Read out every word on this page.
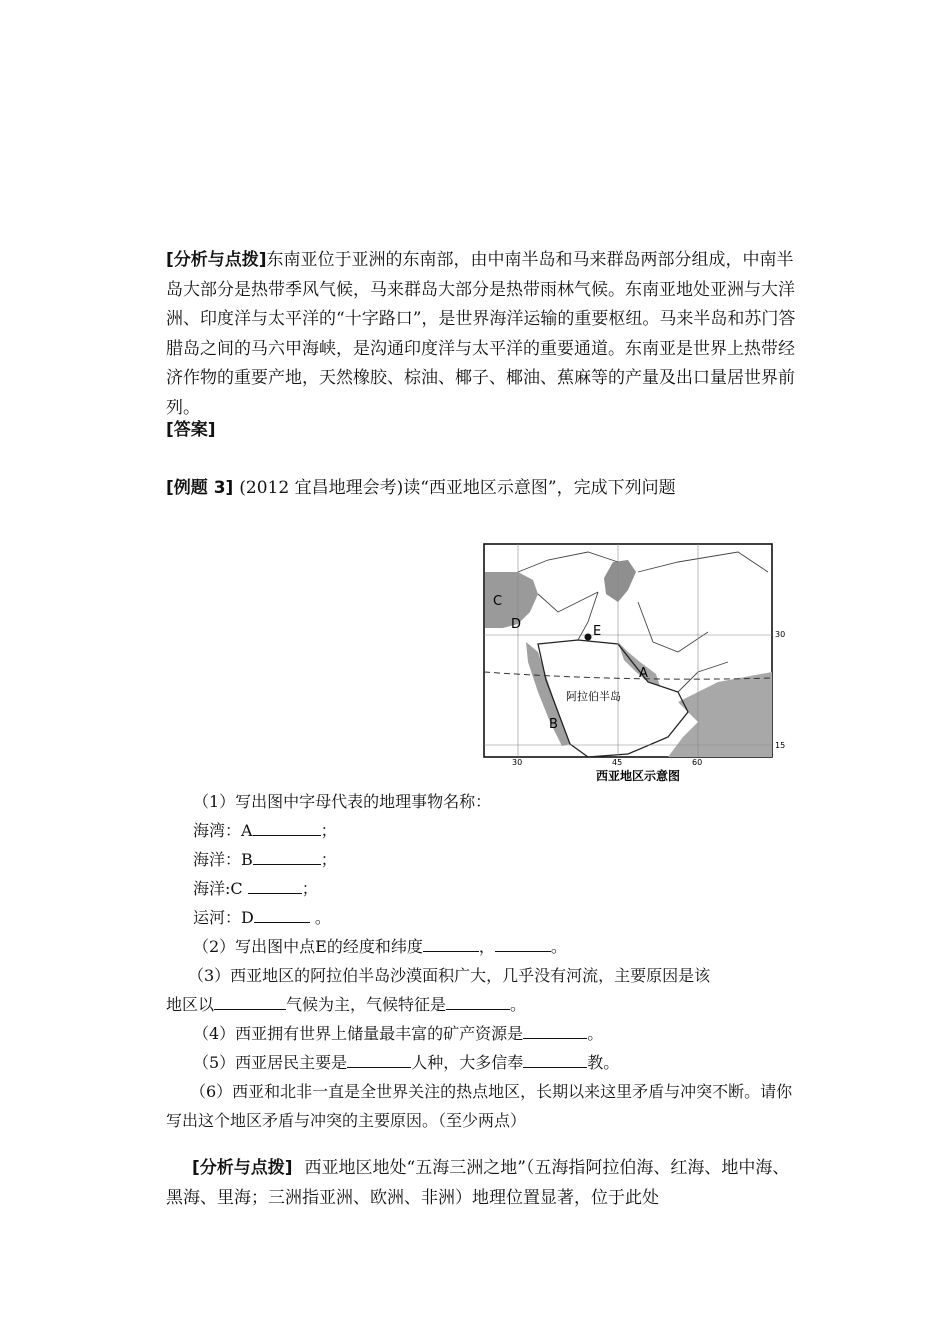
[分析与点拨]东南亚位于亚洲的东南部，由中南半岛和马来群岛两部分组成，中南半岛大部分是热带季风气候，马来群岛大部分是热带雨林气候。东南亚地处亚洲与大洋洲、印度洋与太平洋的“十字路口”，是世界海洋运输的重要枢纽。马来半岛和苏门答腊岛之间的马六甲海峡，是沟通印度洋与太平洋的重要通道。东南亚是世界上热带经济作物的重要产地，天然橡胶、棕油、椰子、椰油、蕉麻等的产量及出口量居世界前列。

[答案]
[例题 3] (2012 宜昌地理会考)读“西亚地区示意图”，完成下列问题
C
D	E
A
B
阿拉伯半岛
30
15
30	45	60
西亚地区示意图
（1）写出图中字母代表的地理事物名称：
海湾：A	；
海洋：B	；
海洋:C	；
运河：D	。
（2）写出图中点E的经度和纬度	，	。
（3）西亚地区的阿拉伯半岛沙漠面积广大，几乎没有河流，主要原因是该
地区以	气候为主，气候特征是	。
（4）西亚拥有世界上储量最丰富的矿产资源是	。
（5）西亚居民主要是	人种，大多信奉	教。

（6）西亚和北非一直是全世界关注的热点地区，长期以来这里矛盾与冲突不断。请你写出这个地区矛盾与冲突的主要原因。（至少两点）

[分析与点拨] 西亚地区地处“五海三洲之地”（五海指阿拉伯海、红海、地中海、黑海、里海；三洲指亚洲、欧洲、非洲）地理位置显著，位于此处
